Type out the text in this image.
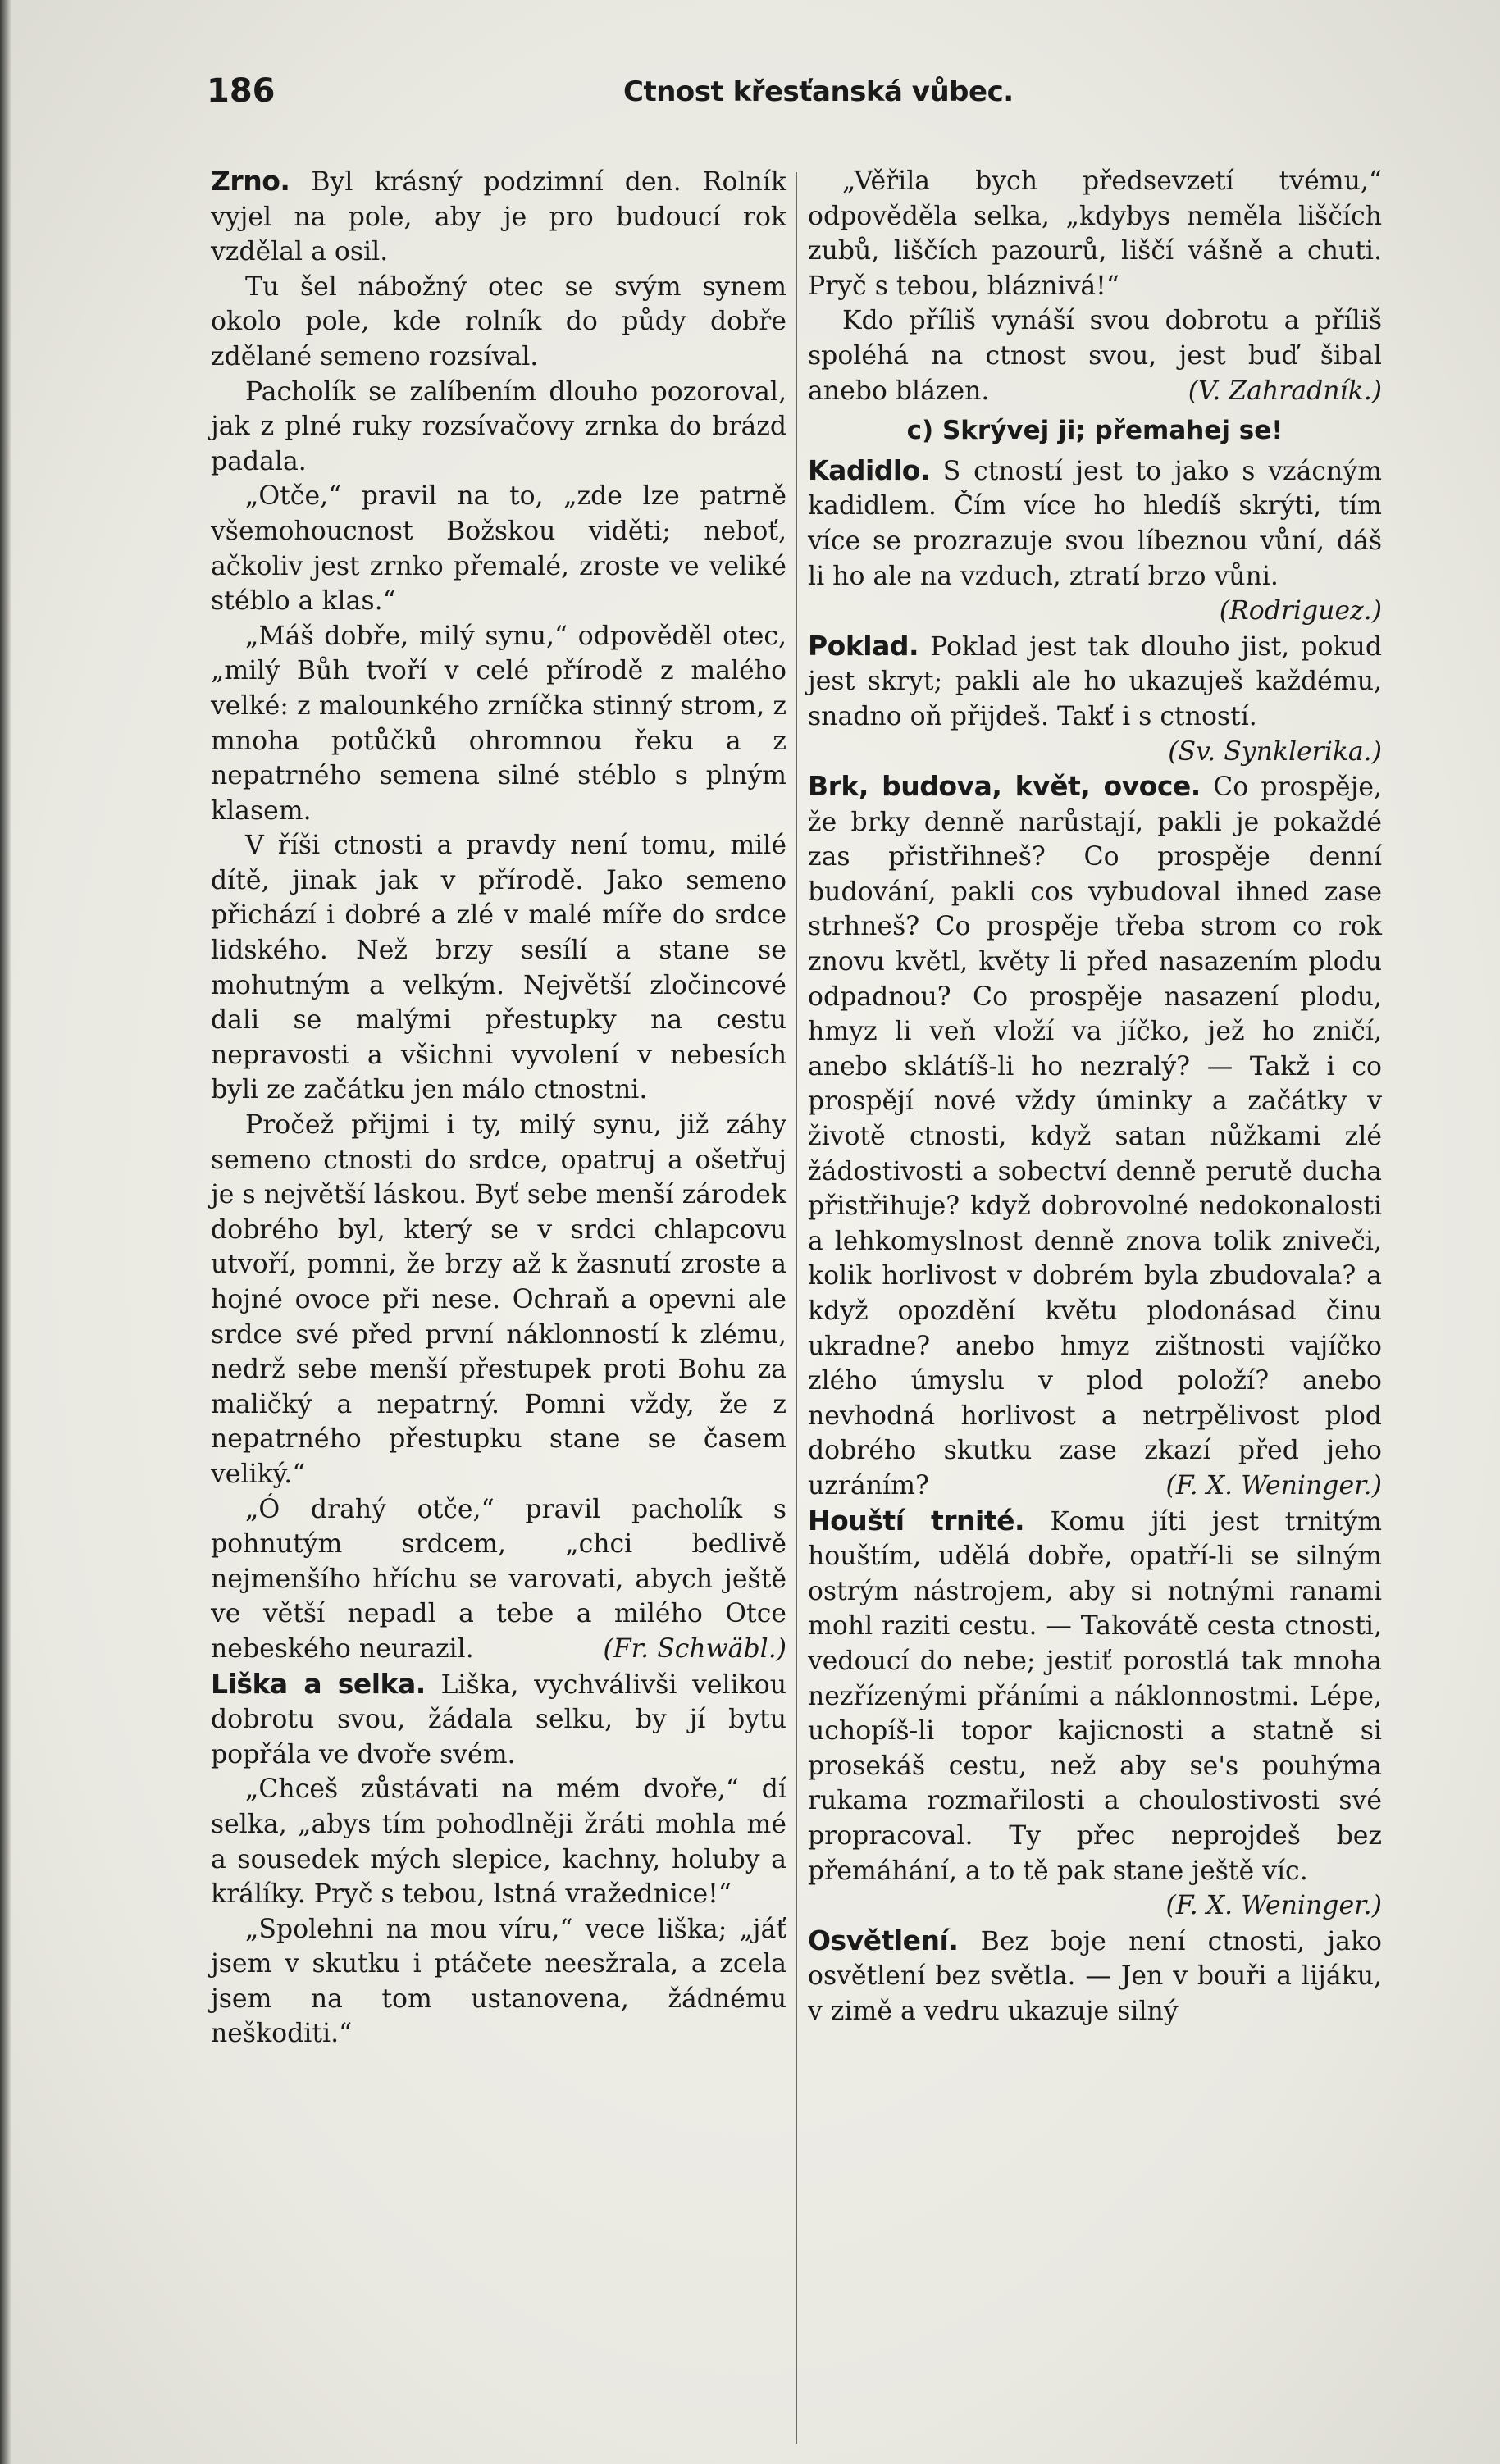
186	Ctnost křesťanská vůbec.

Zrno. Byl krásný podzimní den. Rolník vyjel na pole, aby je pro budoucí rok vzdělal a osil.

Tu šel nábožný otec se svým synem okolo pole, kde rolník do půdy dobře zdělané semeno rozsíval.

Pacholík se zalíbením dlouho pozoroval, jak z plné ruky rozsívačovy zrnka do brázd padala.

„Otče,“ pravil na to, „zde lze patrně všemohoucnost Božskou viděti; neboť, ačkoliv jest zrnko přemalé, zroste ve veliké stéblo a klas.“

„Máš dobře, milý synu,“ odpověděl otec, „milý Bůh tvoří v celé přírodě z malého velké: z malounkého zrníčka stinný strom, z mnoha potůčků ohromnou řeku a z nepatrného semena silné stéblo s plným klasem.

V říši ctnosti a pravdy není tomu, milé dítě, jinak jak v přírodě. Jako semeno přichází i dobré a zlé v malé míře do srdce lidského. Než brzy sesílí a stane se mohutným a velkým. Největší zločincové dali se malými přestupky na cestu nepravosti a všichni vyvolení v nebesích byli ze začátku jen málo ctnostni.

Pročež přijmi i ty, milý synu, již záhy semeno ctnosti do srdce, opatruj a ošetřuj je s největší láskou. Byť sebe menší zárodek dobrého byl, který se v srdci chlapcovu utvoří, pomni, že brzy až k žasnutí zroste a hojné ovoce při nese. Ochraň a opevni ale srdce své před první náklonností k zlému, nedrž sebe menší přestupek proti Bohu za maličký a nepatrný. Pomni vždy, že z nepatrného přestupku stane se časem veliký.“

„Ó drahý otče,“ pravil pacholík s pohnutým srdcem, „chci bedlivě nejmenšího hříchu se varovati, abych ještě ve větší nepadl a tebe a milého Otce nebeského neurazil.	(Fr. Schwäbl.)

Liška a selka. Liška, vychválivši velikou dobrotu svou, žádala selku, by jí bytu popřála ve dvoře svém.

„Chceš zůstávati na mém dvoře,“ dí selka, „abys tím pohodlněji žráti mohla mé a sousedek mých slepice, kachny, holuby a králíky. Pryč s tebou, lstná vražednice!“

„Spolehni na mou víru,“ vece liška; „jáť jsem v skutku i ptáčete neesžrala, a zcela jsem na tom ustanovena, žádnému neškoditi.“

„Věřila bych předsevzetí tvému,“ odpověděla selka, „kdybys neměla liščích zubů, liščích pazourů, liščí vášně a chuti. Pryč s tebou, bláznivá!“

Kdo příliš vynáší svou dobrotu a příliš spoléhá na ctnost svou, jest buď šibal anebo blázen.	(V. Zahradník.)

c) Skrývej ji; přemahej se!

Kadidlo. S ctností jest to jako s vzácným kadidlem. Čím více ho hledíš skrýti, tím více se prozrazuje svou líbeznou vůní, dáš li ho ale na vzduch, ztratí brzo vůni.
(Rodriguez.)

Poklad. Poklad jest tak dlouho jist, pokud jest skryt; pakli ale ho ukazuješ každému, snadno oň přijdeš. Takť i s ctností.
(Sv. Synklerika.)

Brk, budova, květ, ovoce. Co prospěje, že brky denně narůstají, pakli je pokaždé zas přistřihneš? Co prospěje denní budování, pakli cos vybudoval ihned zase strhneš? Co prospěje třeba strom co rok znovu květl, květy li před nasazením plodu odpadnou? Co prospěje nasazení plodu, hmyz li veň vloží va jíčko, jež ho zničí, anebo sklátíš-li ho nezralý? — Takž i co prospějí nové vždy úminky a začátky v životě ctnosti, když satan nůžkami zlé žádostivosti a sobectví denně perutě ducha přistřihuje? když dobrovolné nedokonalosti a lehkomyslnost denně znova tolik zniveči, kolik horlivost v dobrém byla zbudovala? a když opozdění květu plodonásad činu ukradne? anebo hmyz zištnosti vajíčko zlého úmyslu v plod položí? anebo nevhodná horlivost a netrpělivost plod dobrého skutku zase zkazí před jeho uzráním?	(F. X. Weninger.)

Houští trnité. Komu jíti jest trnitým houštím, udělá dobře, opatří-li se silným ostrým nástrojem, aby si notnými ranami mohl raziti cestu. — Takovátě cesta ctnosti, vedoucí do nebe; jestiť porostlá tak mnoha nezřízenými přáními a náklonnostmi. Lépe, uchopíš-li topor kajicnosti a statně si prosekáš cestu, než aby se's pouhýma rukama rozmařilosti a choulostivosti své propracoval. Ty přec neprojdeš bez přemáhání, a to tě pak stane ještě víc.
(F. X. Weninger.)

Osvětlení. Bez boje není ctnosti, jako osvětlení bez světla. — Jen v bouři a lijáku, v zimě a vedru ukazuje silný
